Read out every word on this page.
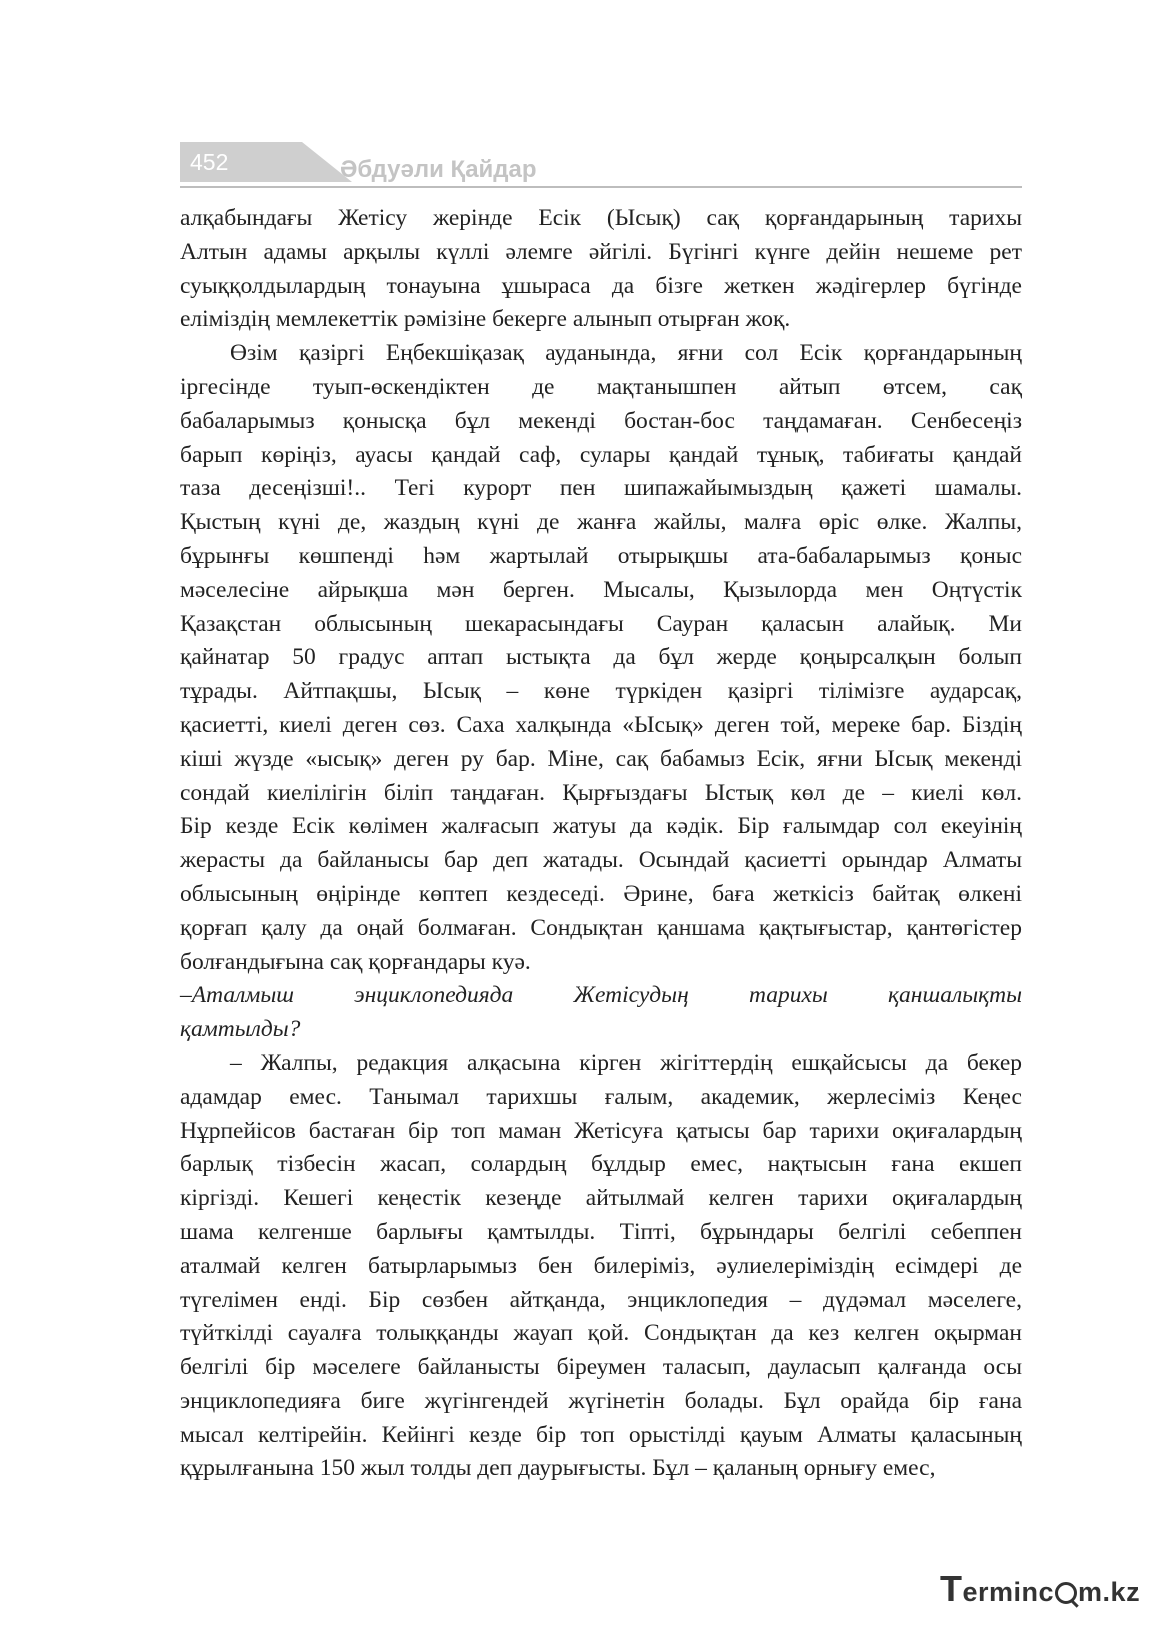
452	Әбдуәли Қайдар

алқабындағы Жетісу жерінде Есік (Ысық) сақ қорғандарының тарихы

Алтын адамы арқылы күллі әлемге әйгілі. Бүгінгі күнге дейін нешеме рет

суыққолдылардың тонауына ұшыраса да бізге жеткен жәдігерлер бүгінде

еліміздің мемлекеттік рәмізіне бекерге алынып отырған жоқ.

Өзім қазіргі Еңбекшіқазақ ауданында, яғни сол Есік қорғандарының

іргесінде туып-өскендіктен де мақтанышпен айтып өтсем, сақ

бабаларымыз қонысқа бұл мекенді бостан-бос таңдамаған. Сенбесеңіз

барып көріңіз, ауасы қандай саф, сулары қандай тұнық, табиғаты қандай

таза десеңізші!.. Тегі курорт пен шипажайымыздың қажеті шамалы.

Қыстың күні де, жаздың күні де жанға жайлы, малға өріс өлке. Жалпы,

бұрынғы көшпенді һәм жартылай отырықшы ата-бабаларымыз қоныс

мәселесіне айрықша мән берген. Мысалы, Қызылорда мен Оңтүстік

Қазақстан облысының шекарасындағы Сауран қаласын алайық. Ми

қайнатар 50 градус аптап ыстықта да бұл жерде қоңырсалқын болып

тұрады. Айтпақшы, Ысық – көне түркіден қазіргі тілімізге аударсақ,

қасиетті, киелі деген сөз. Саха халқында «Ысық» деген той, мереке бар. Біздің

кіші жүзде «ысық» деген ру бар. Міне, сақ бабамыз Есік, яғни Ысық мекенді

сондай киелілігін біліп таңдаған. Қырғыздағы Ыстық көл де – киелі көл.

Бір кезде Есік көлімен жалғасып жатуы да кәдік. Бір ғалымдар сол екеуінің

жерасты да байланысы бар деп жатады. Осындай қасиетті орындар Алматы

облысының өңірінде көптеп кездеседі. Әрине, баға жеткісіз байтақ өлкені

қорғап қалу да оңай болмаған. Сондықтан қаншама қақтығыстар, қантөгістер

болғандығына сақ қорғандары куә.

–Аталмыш энциклопедияда Жетісудың тарихы қаншалықты

қамтылды?

– Жалпы, редакция алқасына кірген жігіттердің ешқайсысы да бекер

адамдар емес. Танымал тарихшы ғалым, академик, жерлесіміз Кеңес

Нұрпейісов бастаған бір топ маман Жетісуға қатысы бар тарихи оқиғалардың

барлық тізбесін жасап, солардың бұлдыр емес, нақтысын ғана екшеп

кіргізді. Кешегі кеңестік кезеңде айтылмай келген тарихи оқиғалардың

шама келгенше барлығы қамтылды. Тіпті, бұрындары белгілі себеппен

аталмай келген батырларымыз бен билеріміз, әулиелеріміздің есімдері де

түгелімен енді. Бір сөзбен айтқанда, энциклопедия – дүдәмал мәселеге,

түйткілді сауалға толыққанды жауап қой. Сондықтан да кез келген оқырман

белгілі бір мәселеге байланысты біреумен таласып, дауласып қалғанда осы

энциклопедияға биге жүгінгендей жүгінетін болады. Бұл орайда бір ғана

мысал келтірейін. Кейінгі кезде бір топ орыстілді қауым Алматы қаласының

құрылғанына 150 жыл толды деп даурығысты. Бұл – қаланың орнығу емес,

Terminc m.kz
